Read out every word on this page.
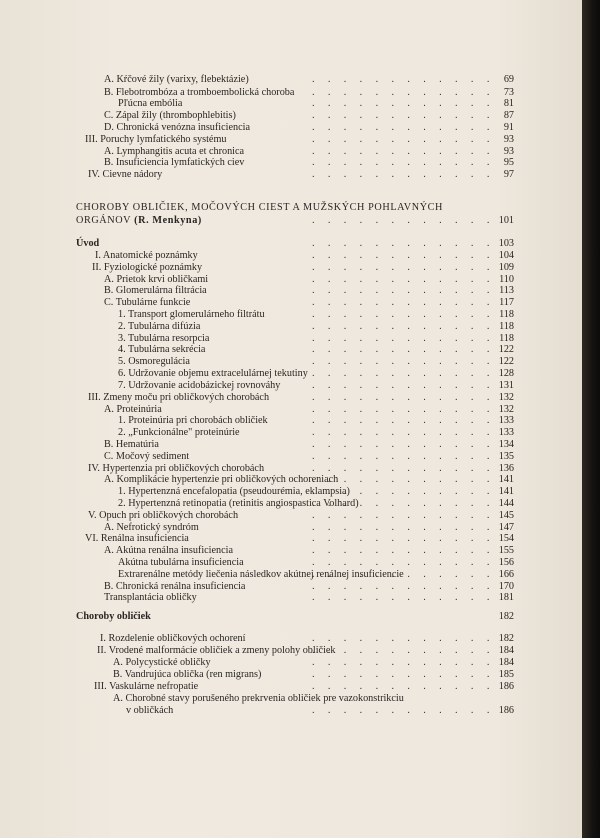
. . .
A. Kŕčové žily (varixy, flebektázie)	69
. . .
B. Flebotrombóza a tromboembolická choroba	73
. . .
Pľúcna embólia	81
. . .
C. Zápal žily (thrombophlebitis)	87
. . .
D. Chronická venózna insuficiencia	91
. . .
III. Poruchy lymfatického systému	93
. . .
A. Lymphangitis acuta et chronica	93
. . .
B. Insuficiencia lymfatických ciev	95
. . .
IV. Cievne nádory	97
CHOROBY OBLIČIEK, MOČOVÝCH CIEST A MUŽSKÝCH POHLAVNÝCH
. . .
ORGÁNOV (R. Menkyna)	101
. . .
Úvod	103
. . .
I. Anatomické poznámky	104
. . .
II. Fyziologické poznámky	109
. . .
A. Prietok krvi obličkami	110
. . .
B. Glomerulárna filtrácia	113
. . .
C. Tubulárne funkcie	117
. . .
1. Transport glomerulárneho filtrátu	118
. . .
2. Tubulárna difúzia	118
. . .
3. Tubulárna resorpcia	118
. . .
4. Tubulárna sekrécia	122
. . .
5. Osmoregulácia	122
. . .
6. Udržovanie objemu extracelulárnej tekutiny	128
. . .
7. Udržovanie acidobázickej rovnováhy	131
. . .
III. Zmeny moču pri obličkových chorobách	132
. . .
A. Proteinúria	132
. . .
1. Proteinúria pri chorobách obličiek	133
. . .
2. „Funkcionálne" proteinúrie	133
. . .
B. Hematúria	134
. . .
C. Močový sediment	135
. . .
IV. Hypertenzia pri obličkových chorobách	136
. . .
A. Komplikácie hypertenzie pri obličkových ochoreniach	141
. . .
1. Hypertenzná encefalopatia (pseudourémia, eklampsia)	141
. . .
2. Hypertenzná retinopatia (retinitis angiospastica Volhard)	144
. . .
V. Opuch pri obličkových chorobách	145
. . .
A. Nefrotický syndróm	147
. . .
VI. Renálna insuficiencia	154
. . .
A. Akútna renálna insuficiencia	155
. . .
Akútna tubulárna insuficiencia	156
. . .
Extrarenálne metódy liečenia následkov akútnej renálnej insuficiencie	166
. . .
B. Chronická renálna insuficiencia	170
. . .
Transplantácia obličky	181
Choroby obličiek	182
. . .
I. Rozdelenie obličkových ochorení	182
. . .
II. Vrodené malformácie obličiek a zmeny polohy obličiek	184
. . .
A. Polycystické obličky	184
. . .
B. Vandrujúca oblička (ren migrans)	185
. . .
III. Vaskulárne nefropatie	186
A. Chorobné stavy porušeného prekrvenia obličiek pre vazokonstrikciu
. . .
v obličkách	186
